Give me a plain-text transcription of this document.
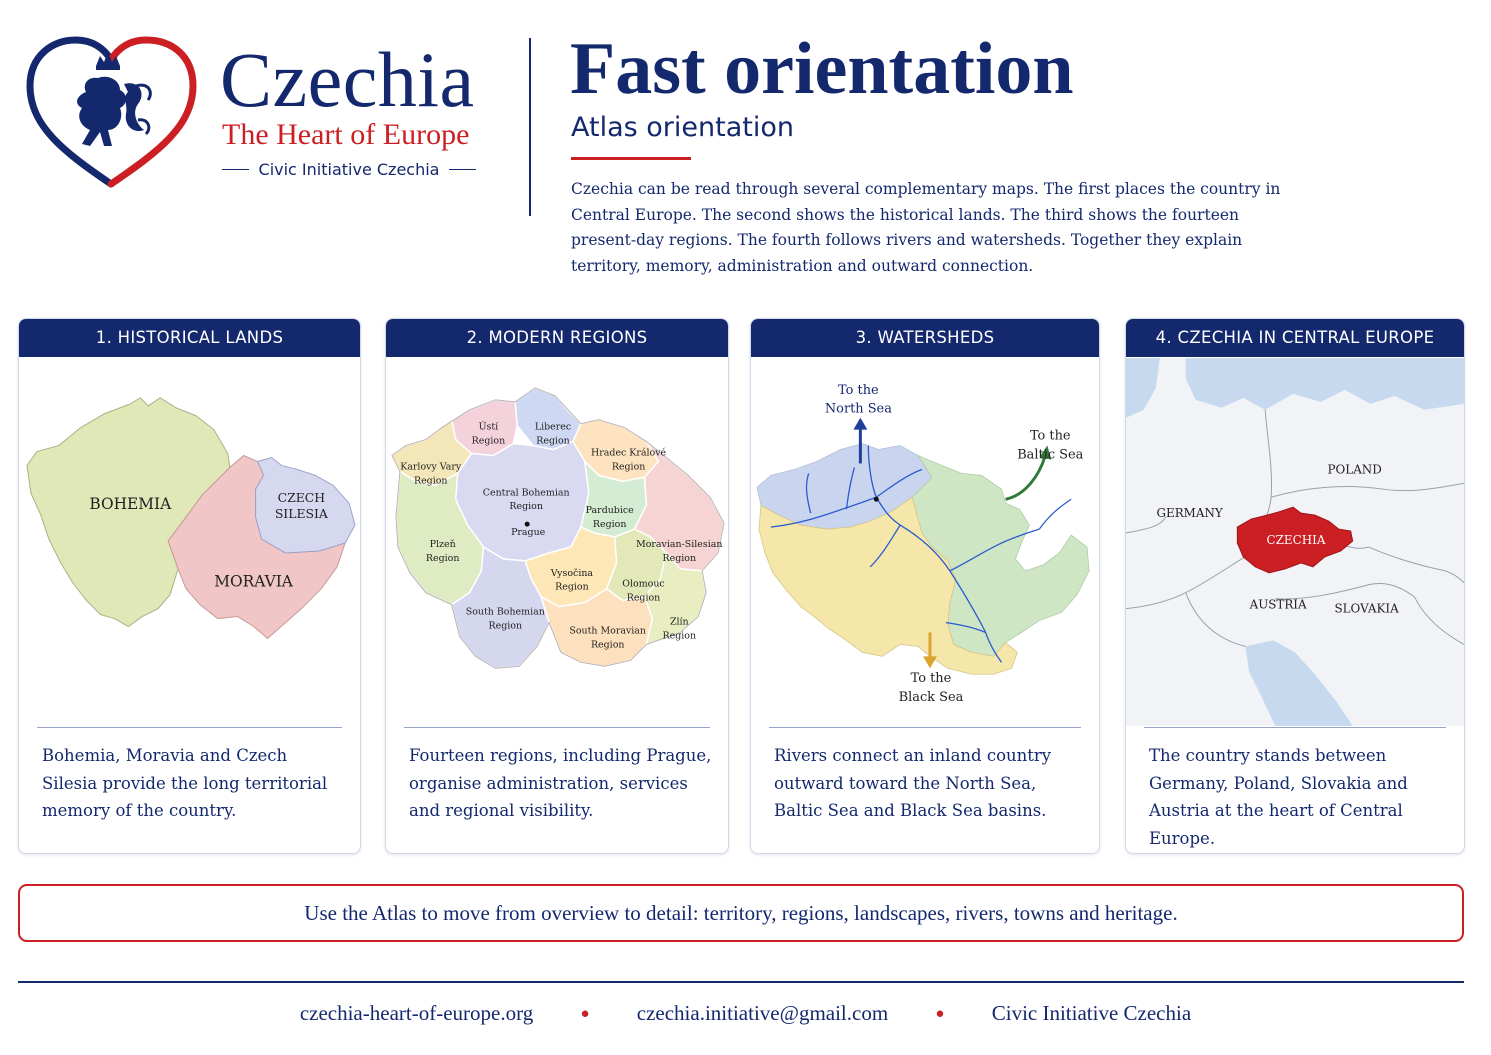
Czechia
The Heart of Europe
Civic Initiative Czechia
Fast orientation
Atlas orientation
Czechia can be read through several complementary maps. The first places the country in Central Europe. The second shows the historical lands. The third shows the fourteen present-day regions. The fourth follows rivers and watersheds. Together they explain territory, memory, administration and outward connection.
1. HISTORICAL LANDS
BOHEMIA
MORAVIA
CZECH
SILESIA
Bohemia, Moravia and Czech Silesia provide the long territorial memory of the country.
2. MODERN REGIONS
Ústí
Region
Liberec
Region
Karlovy Vary
Region
Hradec Králové
Region
Central Bohemian
Region
Prague
Pardubice
Region
Plzeň
Region
Moravian-Silesian
Region
Vysočina
Region	Olomouc
Region
South Bohemian
Region	South Moravian
Region
Zlín
Region
Fourteen regions, including Prague, organise administration, services and regional visibility.
3. WATERSHEDS
To the
North Sea
To the
Baltic Sea
To the
Black Sea
Rivers connect an inland country outward toward the North Sea, Baltic Sea and Black Sea basins.
4. CZECHIA IN CENTRAL EUROPE
POLAND
GERMANY
AUSTRIA SLOVAKIA
CZECHIA
The country stands between Germany, Poland, Slovakia and Austria at the heart of Central Europe.
Use the Atlas to move from overview to detail: territory, regions, landscapes, rivers, towns and heritage.
czechia-heart-of-europe.org	● czechia.initiative@gmail.com	● Civic Initiative Czechia
